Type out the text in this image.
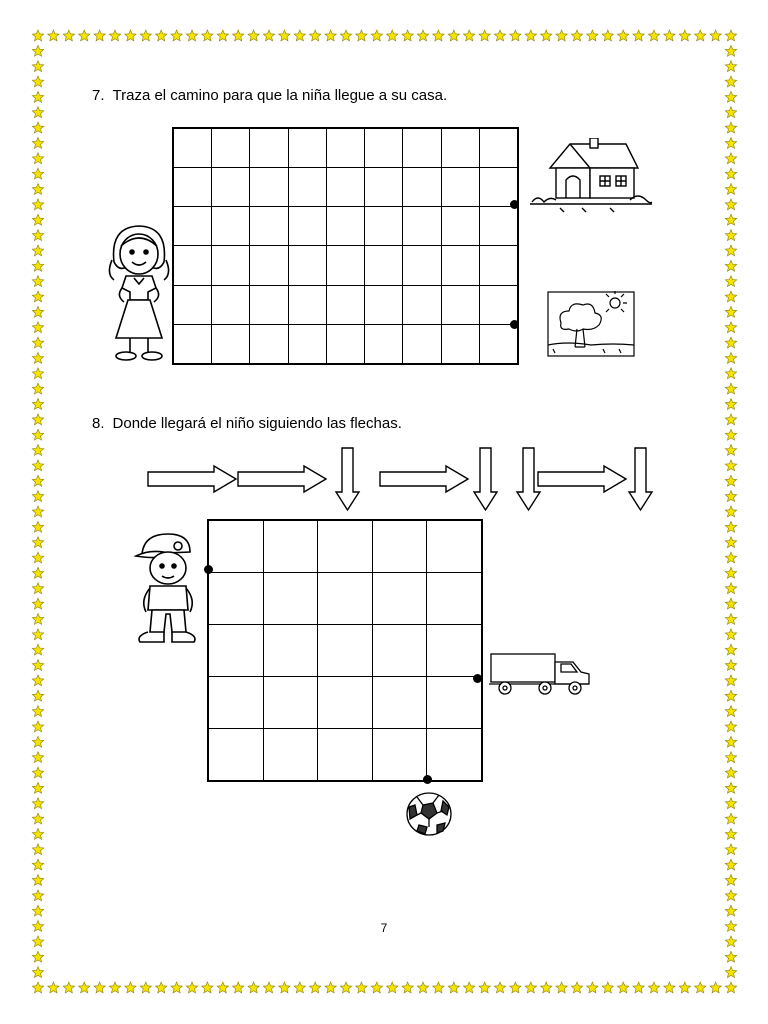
7. Traza el camino para que la niña llegue a su casa.

8. Donde llegará el niño siguiendo las flechas.

7
